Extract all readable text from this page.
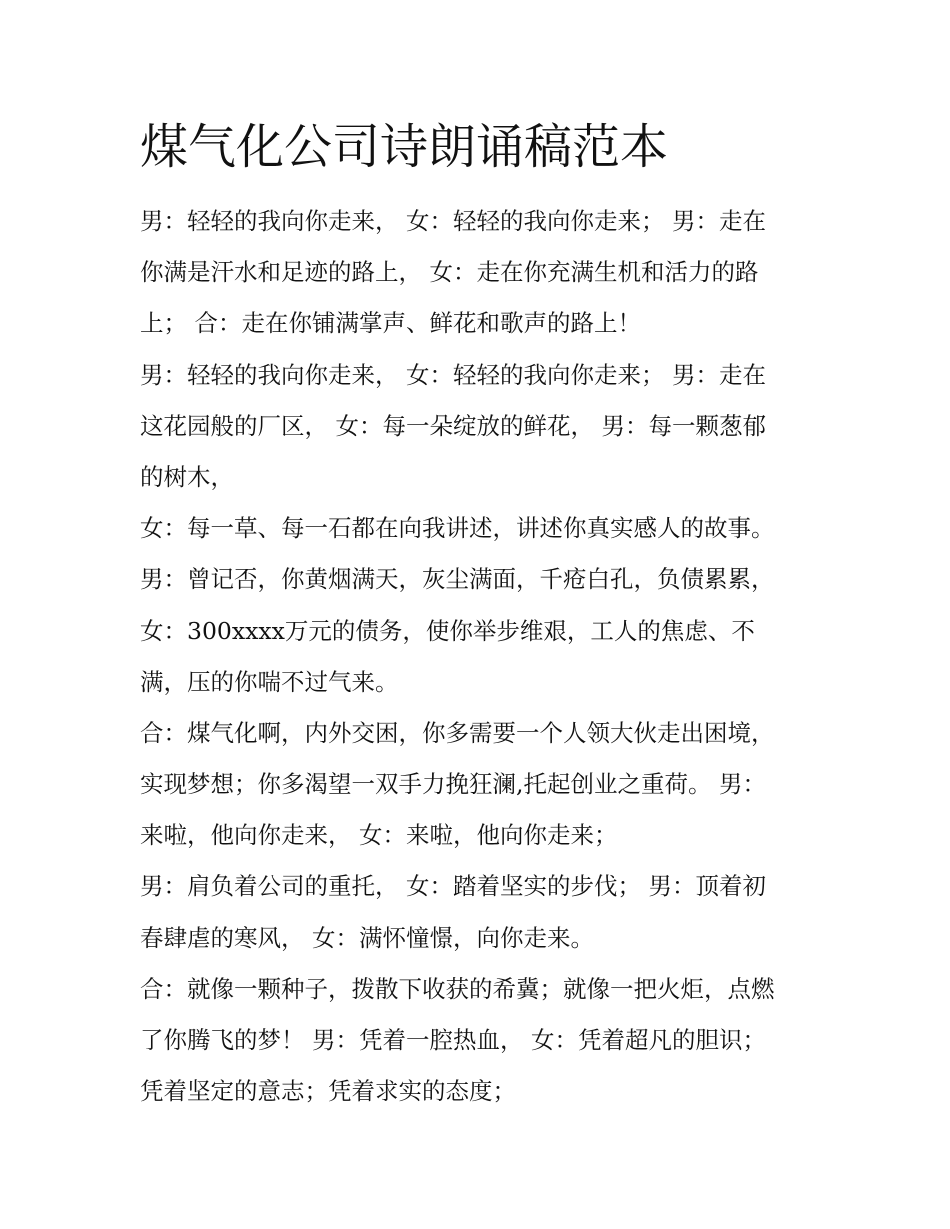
煤气化公司诗朗诵稿范本
男：轻轻的我向你走来， 女：轻轻的我向你走来； 男：走在
你满是汗水和足迹的路上， 女：走在你充满生机和活力的路
上； 合：走在你铺满掌声、鲜花和歌声的路上！
男：轻轻的我向你走来， 女：轻轻的我向你走来； 男：走在
这花园般的厂区， 女：每一朵绽放的鲜花， 男：每一颗葱郁
的树木，
女：每一草、每一石都在向我讲述，讲述你真实感人的故事。
男：曾记否，你黄烟满天，灰尘满面，千疮白孔，负债累累，
女：300xxxx万元的债务，使你举步维艰，工人的焦虑、不
满，压的你喘不过气来。
合：煤气化啊，内外交困，你多需要一个人领大伙走出困境，
实现梦想；你多渴望一双手力挽狂澜,托起创业之重荷。 男：
来啦，他向你走来， 女：来啦，他向你走来；
男：肩负着公司的重托， 女：踏着坚实的步伐； 男：顶着初
春肆虐的寒风， 女：满怀憧憬，向你走来。
合：就像一颗种子，拨散下收获的希冀；就像一把火炬，点燃
了你腾飞的梦！ 男：凭着一腔热血， 女：凭着超凡的胆识；
凭着坚定的意志；凭着求实的态度；
